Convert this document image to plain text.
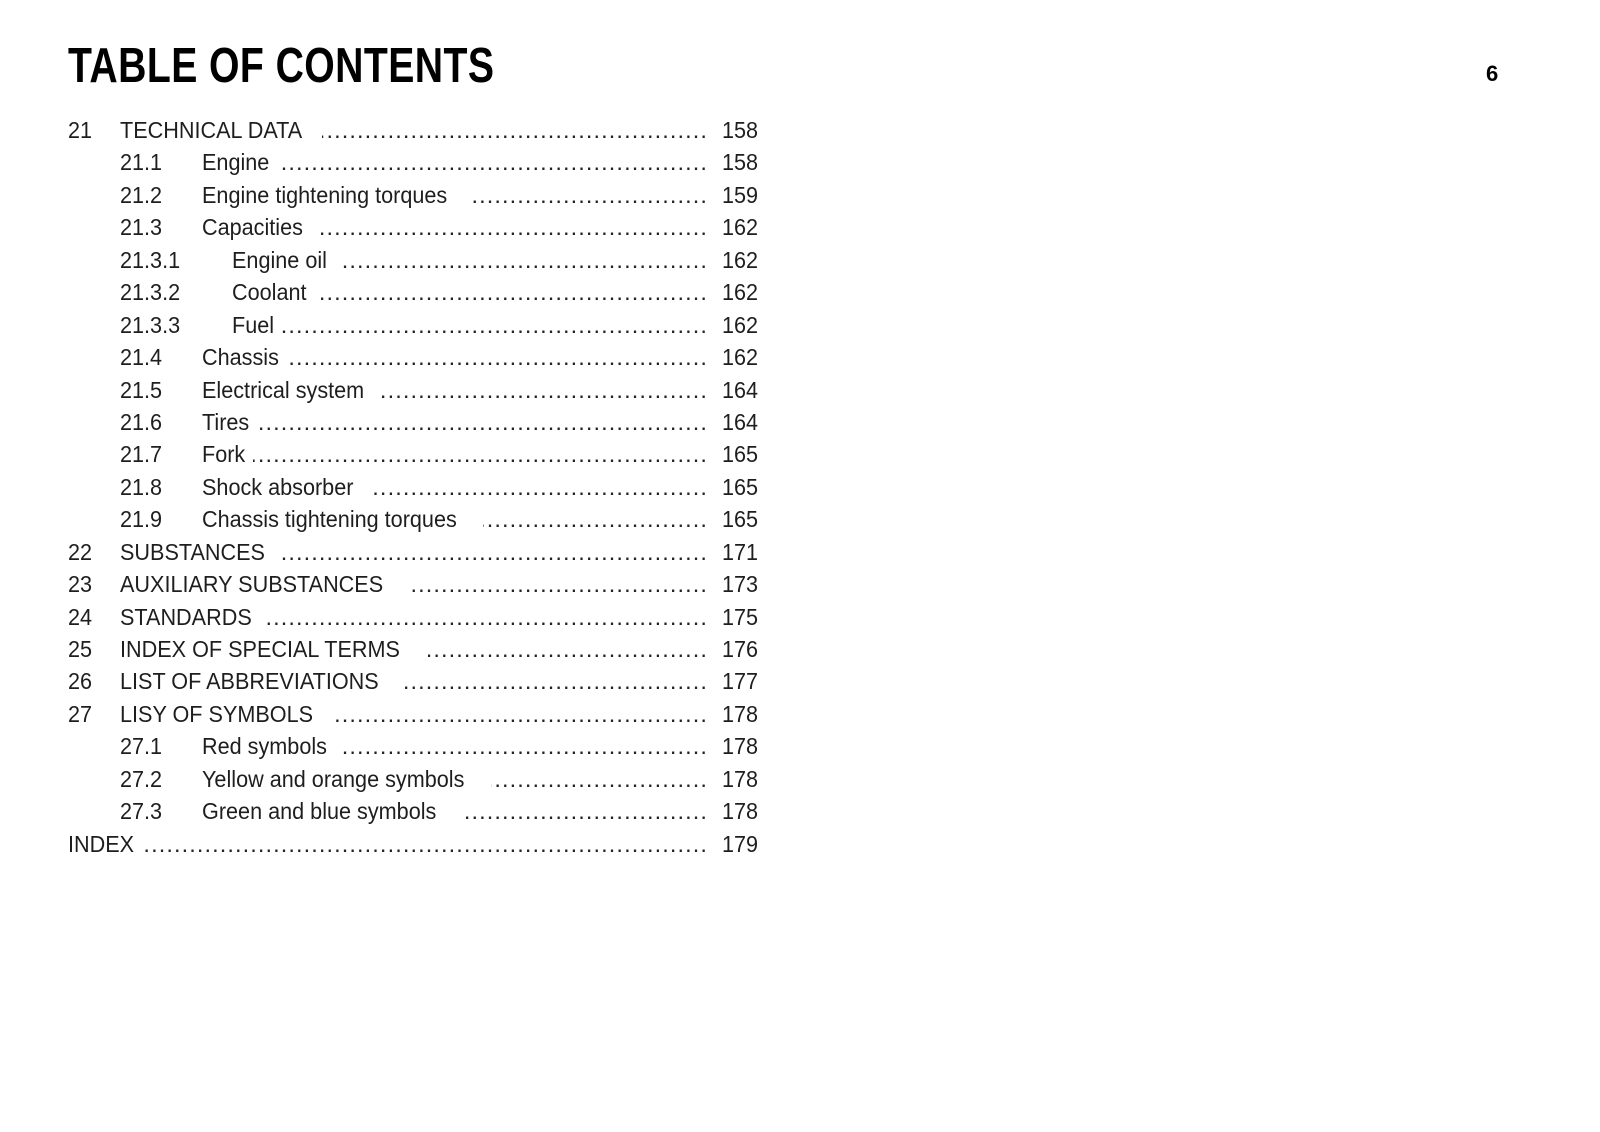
TABLE OF CONTENTS	6
21 TECHNICAL DATA .....	158
21.1 Engine .....	158
21.2 Engine tightening torques .....	159
21.3 Capacities .....	162
21.3.1 Engine oil .....	162
21.3.2 Coolant .....	162
21.3.3 Fuel .....	162
21.4 Chassis .....	162
21.5 Electrical system .....	164
21.6 Tires .....	164
21.7 Fork .....	165
21.8 Shock absorber .....	165
21.9 Chassis tightening torques .....	165
22 SUBSTANCES .....	171
23 AUXILIARY SUBSTANCES .....	173
24 STANDARDS .....	175
25 INDEX OF SPECIAL TERMS .....	176
26 LIST OF ABBREVIATIONS .....	177
27 LISY OF SYMBOLS .....	178
27.1 Red symbols .....	178
27.2 Yellow and orange symbols .....	178
27.3 Green and blue symbols .....	178
INDEX .....	179
